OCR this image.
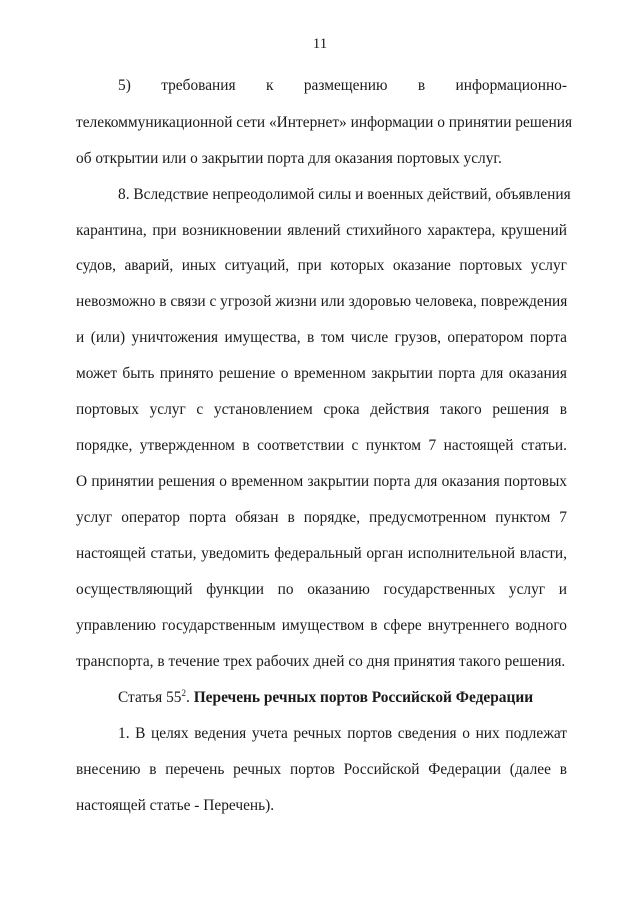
11
5) требования к размещению в информационно-
телекоммуникационной сети «Интернет» информации о принятии решения
об открытии или о закрытии порта для оказания портовых услуг.
8. Вследствие непреодолимой силы и военных действий, объявления
карантина, при возникновении явлений стихийного характера, крушений
судов, аварий, иных ситуаций, при которых оказание портовых услуг
невозможно в связи с угрозой жизни или здоровью человека, повреждения
и (или) уничтожения имущества, в том числе грузов, оператором порта
может быть принято решение о временном закрытии порта для оказания
портовых услуг с установлением срока действия такого решения в
порядке, утвержденном в соответствии с пунктом 7 настоящей статьи.
О принятии решения о временном закрытии порта для оказания портовых
услуг оператор порта обязан в порядке, предусмотренном пунктом 7
настоящей статьи, уведомить федеральный орган исполнительной власти,
осуществляющий функции по оказанию государственных услуг и
управлению государственным имуществом в сфере внутреннего водного
транспорта, в течение трех рабочих дней со дня принятия такого решения.
Статья $55^2$. Перечень речных портов Российской Федерации
1. В целях ведения учета речных портов сведения о них подлежат
внесению в перечень речных портов Российской Федерации (далее в
настоящей статье - Перечень).
